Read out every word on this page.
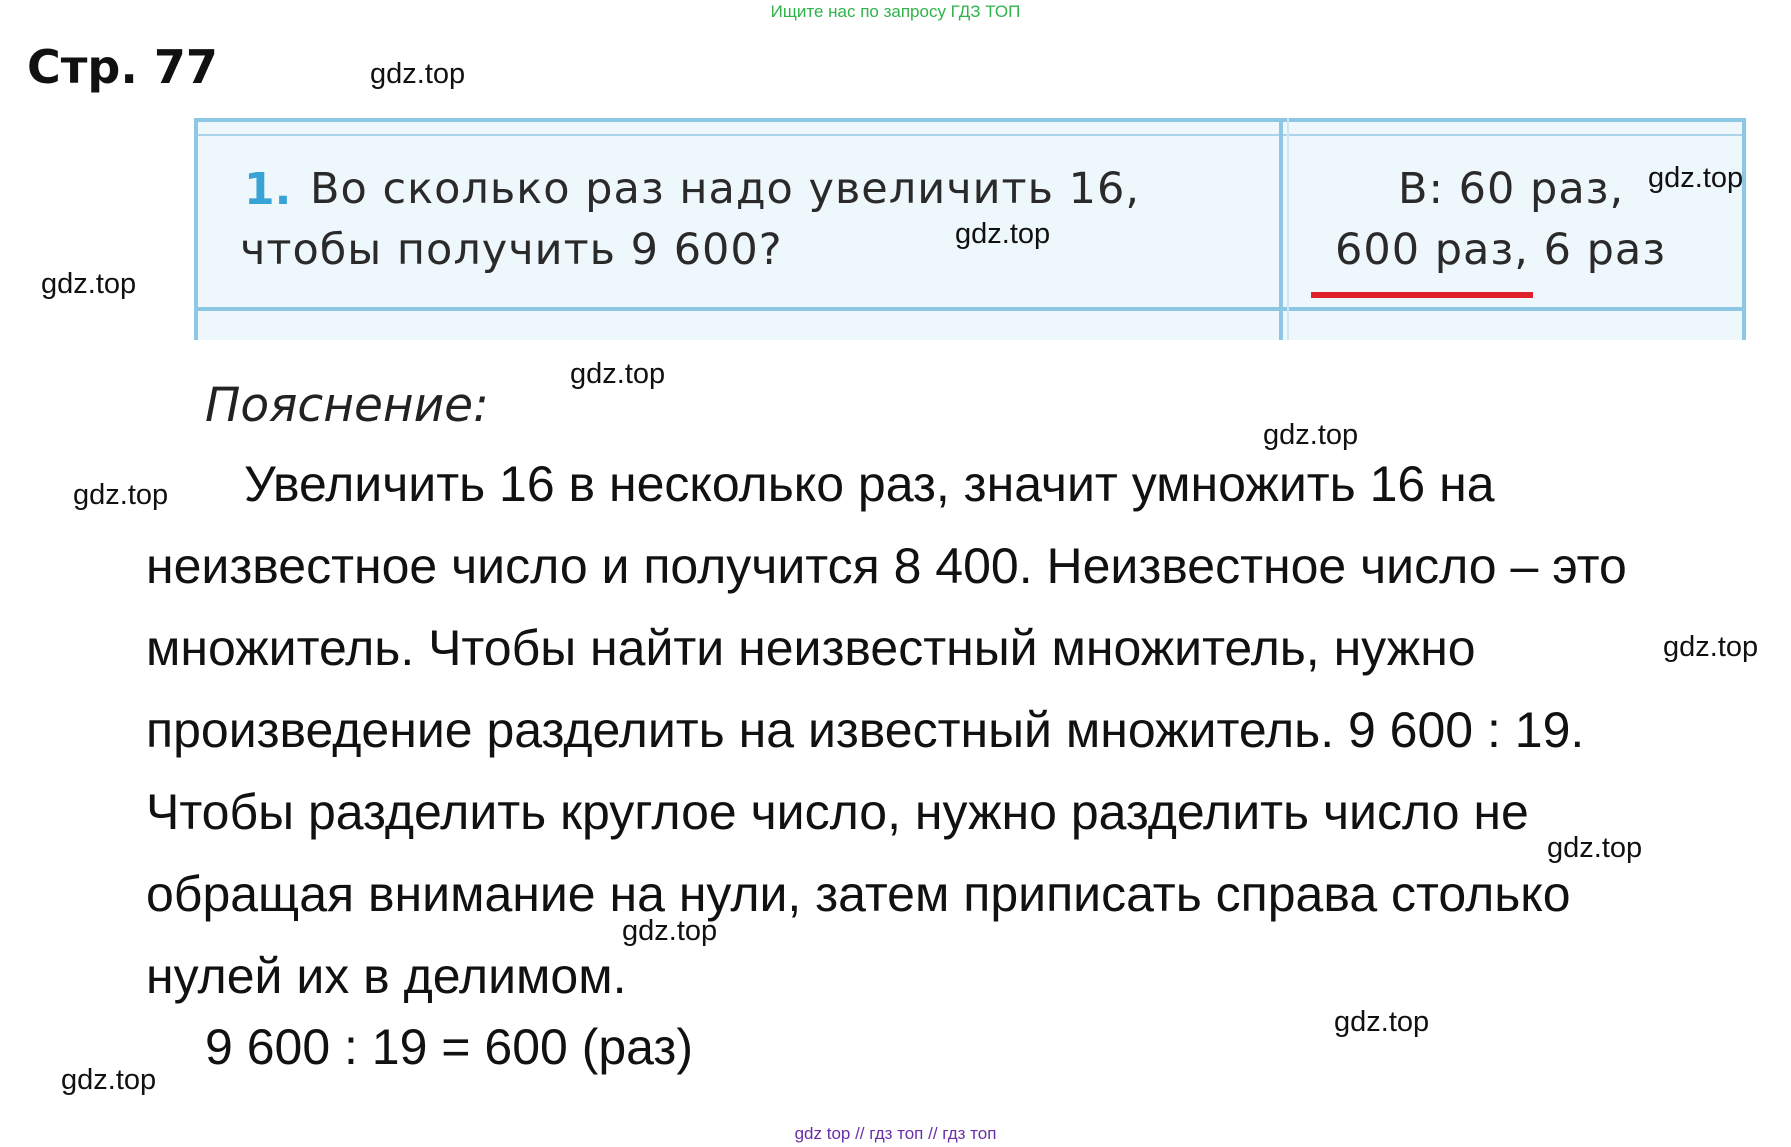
Ищите нас по запросу ГДЗ ТОП
Стр. 77
1. Во сколько раз надо увеличить 16,
чтобы получить 9 600?
В: 60 раз,
600 раз, 6 раз
Пояснение:
Увеличить 16 в несколько раз, значит умножить 16 на
неизвестное число и получится 8 400. Неизвестное число – это
множитель. Чтобы найти неизвестный множитель, нужно
произведение разделить на известный множитель. 9 600 : 19.
Чтобы разделить круглое число, нужно разделить число не
обращая внимание на нули, затем приписать справа столько
нулей их в делимом.
9 600 : 19 = 600 (раз)
gdz.top
gdz.top
gdz.top
gdz.top
gdz.top
gdz.top
gdz.top
gdz.top
gdz.top
gdz.top
gdz.top
gdz.top
gdz top // гдз топ // гдз топ
